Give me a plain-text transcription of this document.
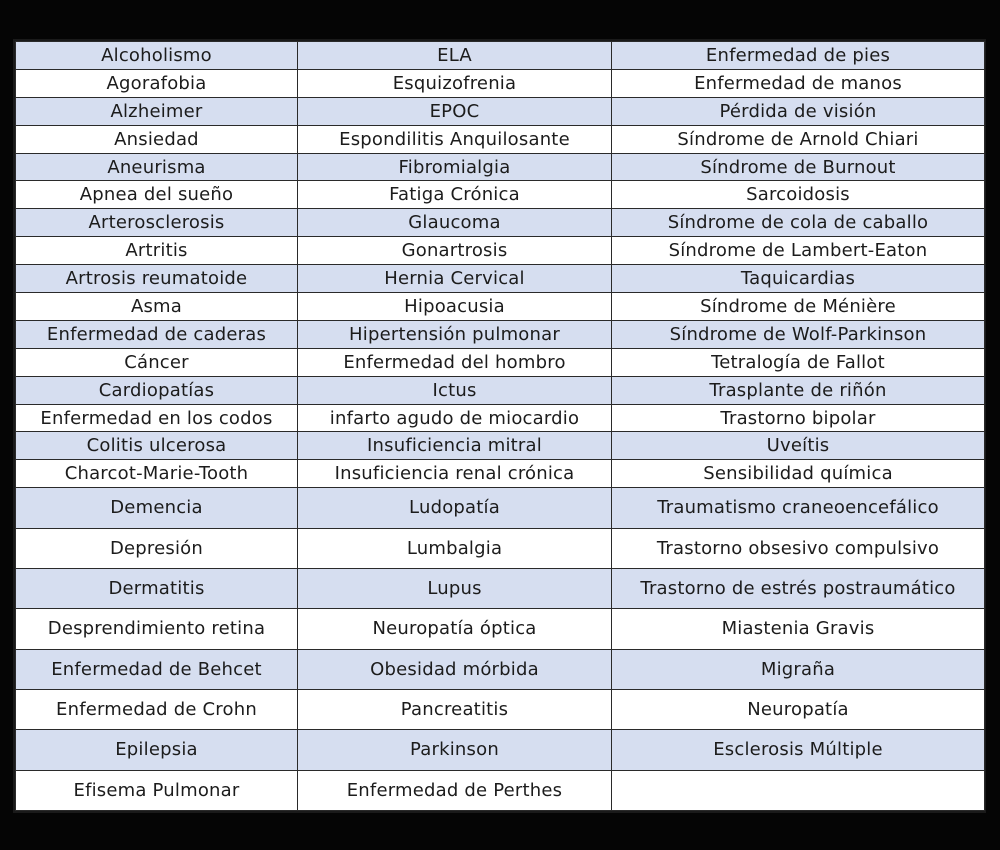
Alcoholismo	ELA	Enfermedad de pies
Agorafobia	Esquizofrenia	Enfermedad de manos
Alzheimer	EPOC	Pérdida de visión
Ansiedad	Espondilitis Anquilosante	Síndrome de Arnold Chiari
Aneurisma	Fibromialgia	Síndrome de Burnout
Apnea del sueño	Fatiga Crónica	Sarcoidosis
Arterosclerosis	Glaucoma	Síndrome de cola de caballo
Artritis	Gonartrosis	Síndrome de Lambert-Eaton
Artrosis reumatoide	Hernia Cervical	Taquicardias
Asma	Hipoacusia	Síndrome de Ménière
Enfermedad de caderas	Hipertensión pulmonar	Síndrome de Wolf-Parkinson
Cáncer	Enfermedad del hombro	Tetralogía de Fallot
Cardiopatías	Ictus	Trasplante de riñón
Enfermedad en los codos	infarto agudo de miocardio	Trastorno bipolar
Colitis ulcerosa	Insuficiencia mitral	Uveítis
Charcot-Marie-Tooth	Insuficiencia renal crónica	Sensibilidad química
Demencia	Ludopatía	Traumatismo craneoencefálico
Depresión	Lumbalgia	Trastorno obsesivo compulsivo
Dermatitis	Lupus	Trastorno de estrés postraumático
Desprendimiento retina	Neuropatía óptica	Miastenia Gravis
Enfermedad de Behcet	Obesidad mórbida	Migraña
Enfermedad de Crohn	Pancreatitis	Neuropatía
Epilepsia	Parkinson	Esclerosis Múltiple
Efisema Pulmonar	Enfermedad de Perthes	
